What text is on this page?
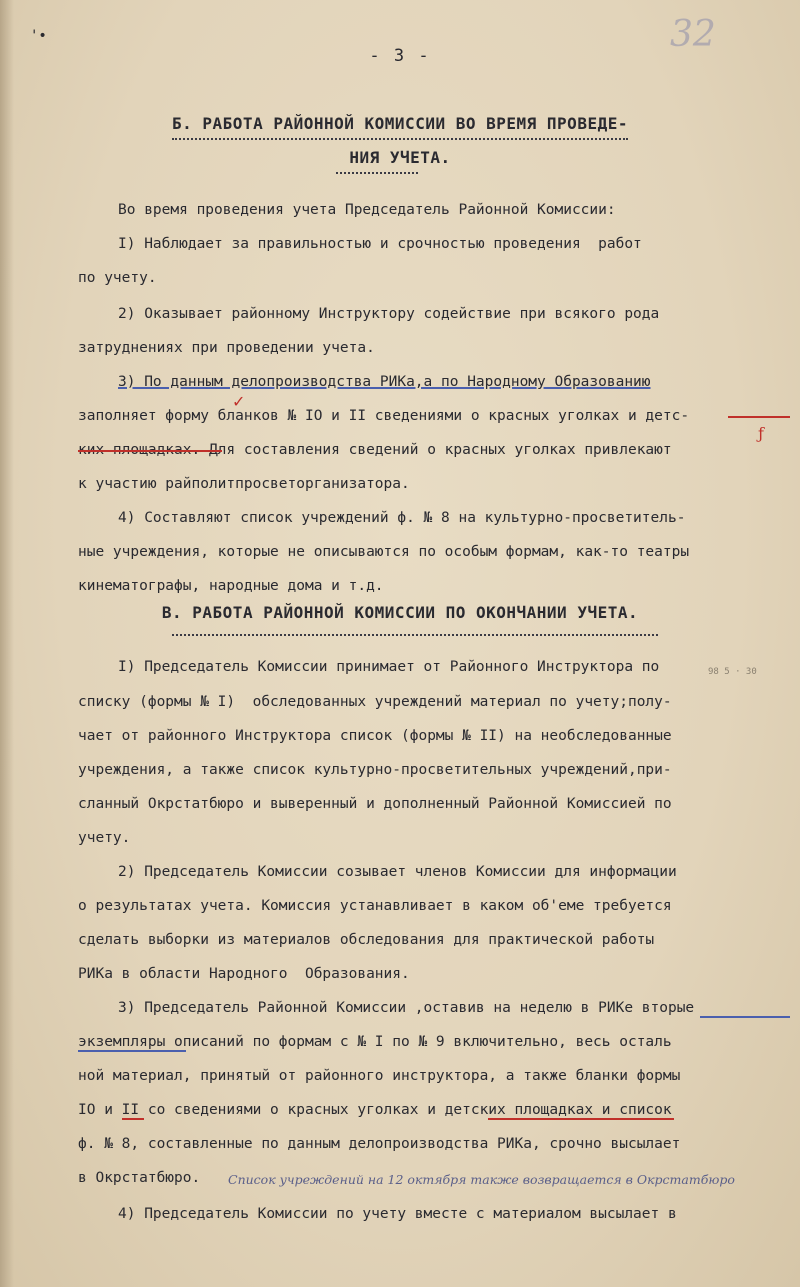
'•
- 3 -
32
Б. РАБОТА РАЙОННОЙ КОМИССИИ ВО ВРЕМЯ ПРОВЕДЕ-
НИЯ УЧЕТА.
Во время проведения учета Председатель Районной Комиссии:
I) Наблюдает за правильностью и срочностью проведения  работ
по учету.
2) Оказывает районному Инструктору содействие при всякого рода
затруднениях при проведении учета.
3) По данным делопроизводства РИКа,а по Народному Образованию
заполняет форму бланков № IO и II сведениями о красных уголках и детс-
ких площадках. Для составления сведений о красных уголках привлекают
к участию райполитпросветорганизатора.
4) Составляют список учреждений ф. № 8 на культурно-просветитель-
ные учреждения, которые не описываются по особым формам, как-то театры
кинематографы, народные дома и т.д.
✓
ƒ
В. РАБОТА РАЙОННОЙ КОМИССИИ ПО ОКОНЧАНИИ УЧЕТА.
I) Председатель Комиссии принимает от Районного Инструктора по	98 5 · 30
списку (формы № I)  обследованных учреждений материал по учету;полу-
чает от районного Инструктора список (формы № II) на необследованные
учреждения, а также список культурно-просветительных учреждений,при-
сланный Окрстатбюро и выверенный и дополненный Районной Комиссией по
учету.
2) Председатель Комиссии созывает членов Комиссии для информации
о результатах учета. Комиссия устанавливает в каком об'еме требуется
сделать выборки из материалов обследования для практической работы
РИКа в области Народного  Образования.
3) Председатель Районной Комиссии ,оставив на неделю в РИКе вторые
экземпляры описаний по формам с № I по № 9 включительно, весь осталь
ной материал, принятый от районного инструктора, а также бланки формы
IO и II со сведениями о красных уголках и детских площадках и список
ф. № 8, составленные по данным делопроизводства РИКа, срочно высылает
в Окрстатбюро.	Список учреждений на 12 октября также возвращается в Окрстатбюро
4) Председатель Комиссии по учету вместе с материалом высылает в
